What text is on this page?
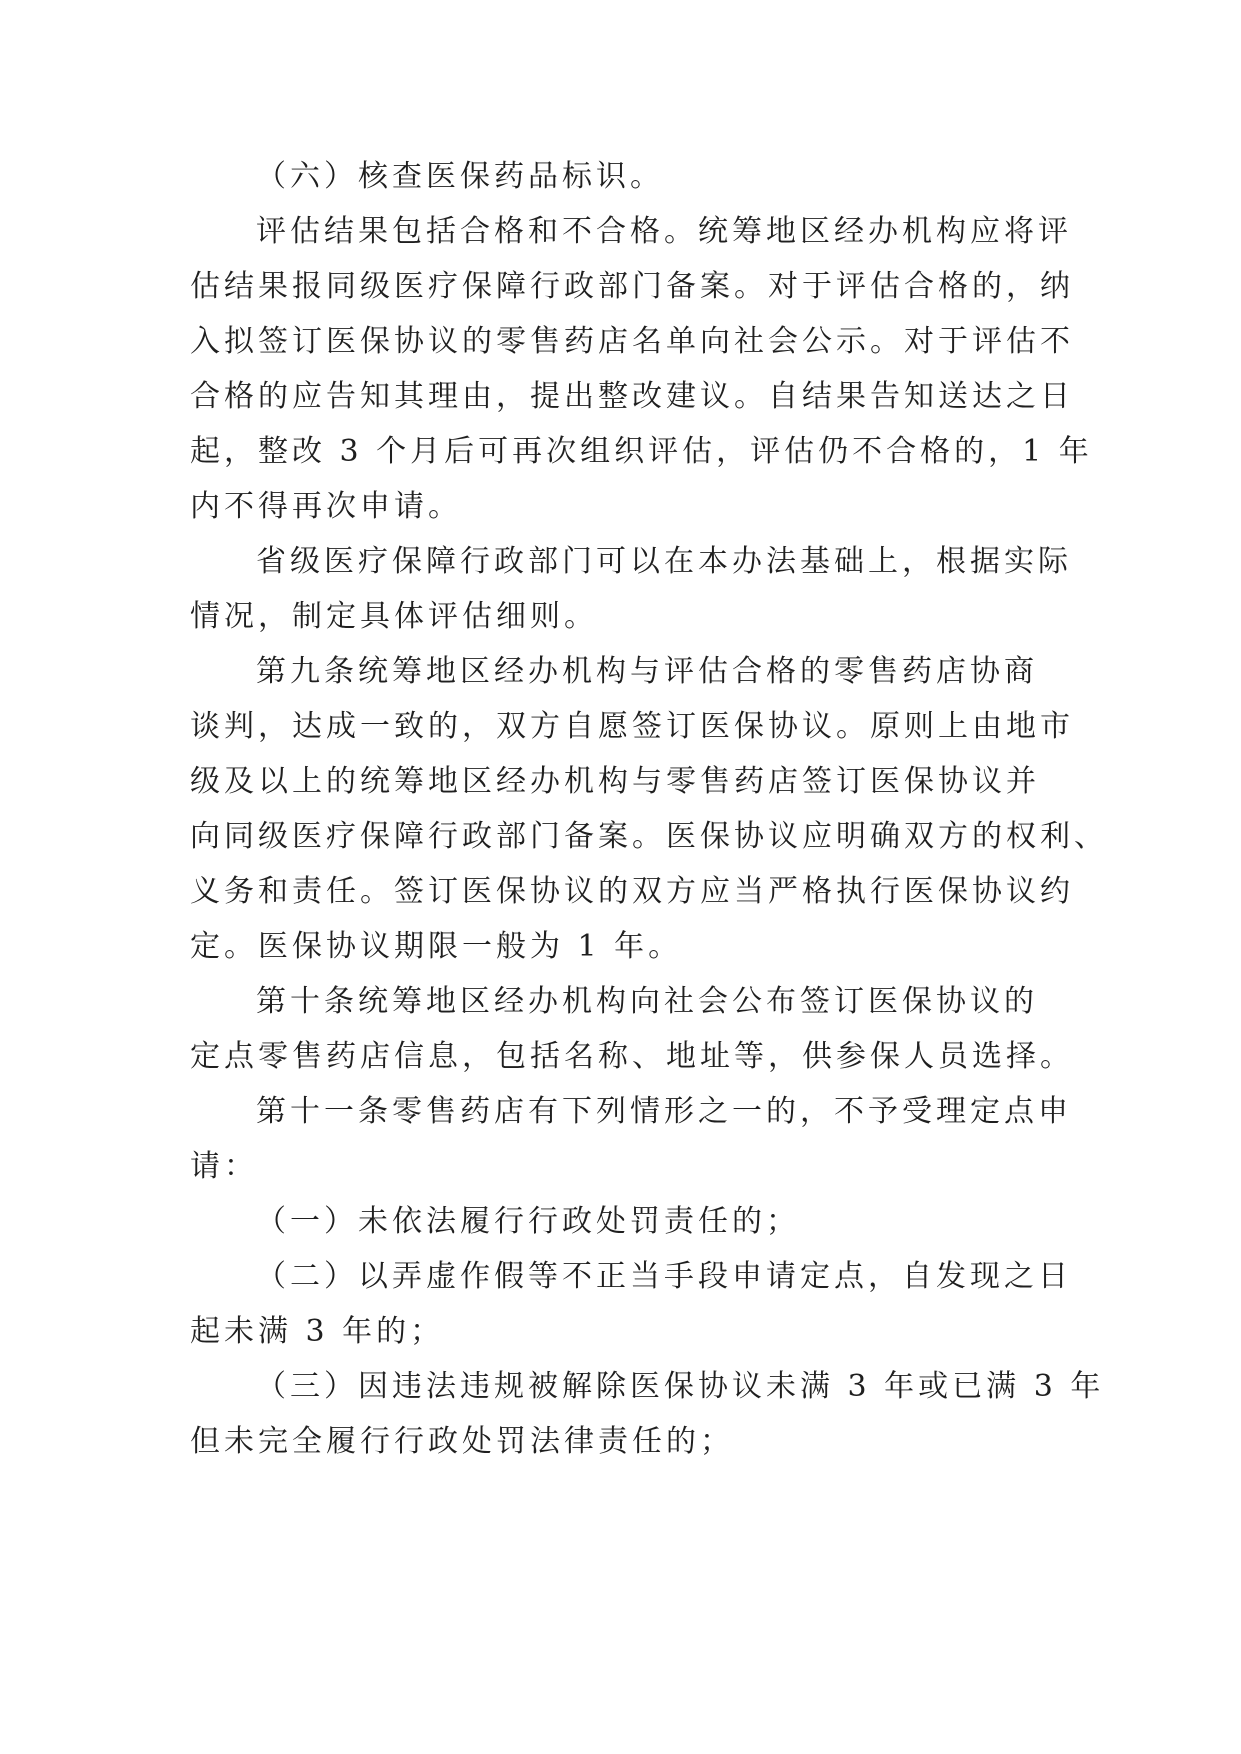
（六）核查医保药品标识。
评估结果包括合格和不合格。统筹地区经办机构应将评
估结果报同级医疗保障行政部门备案。对于评估合格的，纳
入拟签订医保协议的零售药店名单向社会公示。对于评估不
合格的应告知其理由，提出整改建议。自结果告知送达之日
起，整改 3 个月后可再次组织评估，评估仍不合格的，1 年
内不得再次申请。
省级医疗保障行政部门可以在本办法基础上，根据实际
情况，制定具体评估细则。
第九条统筹地区经办机构与评估合格的零售药店协商
谈判，达成一致的，双方自愿签订医保协议。原则上由地市
级及以上的统筹地区经办机构与零售药店签订医保协议并
向同级医疗保障行政部门备案。医保协议应明确双方的权利、
义务和责任。签订医保协议的双方应当严格执行医保协议约
定。医保协议期限一般为 1 年。
第十条统筹地区经办机构向社会公布签订医保协议的
定点零售药店信息，包括名称、地址等，供参保人员选择。
第十一条零售药店有下列情形之一的，不予受理定点申
请：
（一）未依法履行行政处罚责任的；
（二）以弄虚作假等不正当手段申请定点，自发现之日
起未满 3 年的；
（三）因违法违规被解除医保协议未满 3 年或已满 3 年
但未完全履行行政处罚法律责任的；
